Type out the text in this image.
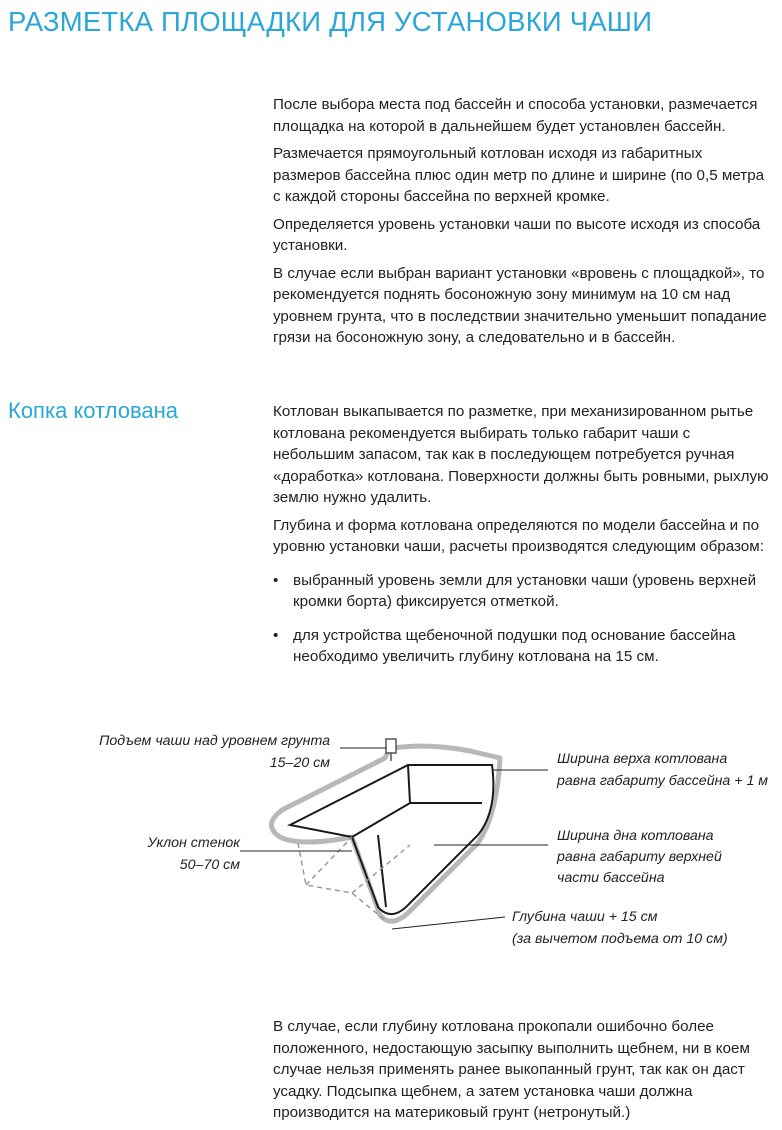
РАЗМЕТКА ПЛОЩАДКИ ДЛЯ УСТАНОВКИ ЧАШИ

После выбора места под бассейн и способа установки, размечается площадка на которой в дальнейшем будет установлен бассейн.

Размечается прямоугольный котлован исходя из габаритных размеров бассейна плюс один метр по длине и ширине (по 0,5 метра с каждой стороны бассейна по верхней кромке.

Определяется уровень установки чаши по высоте исходя из способа установки.

В случае если выбран вариант установки «вровень с площадкой», то рекомендуется поднять босоножную зону минимум на 10 см над уровнем грунта, что в последствии значительно уменьшит попадание грязи на босоножную зону, а следовательно и в бассейн.

Копка котлована	Котлован выкапывается по разметке, при механизированном рытье котлована рекомендуется выбирать только габарит чаши с небольшим запасом, так как в последующем потребуется ручная «доработка» котлована. Поверхности должны быть ровными, рыхлую землю нужно удалить.

Глубина и форма котлована определяются по модели бассейна и по уровню установки чаши, расчеты производятся следующим образом:

• выбранный уровень земли для установки чаши (уровень верхней кромки борта) фиксируется отметкой.
• для устройства щебеночной подушки под основание бассейна необходимо увеличить глубину котлована на 15 см.
Подъем чаши над уровнем грунта
15–20 см
Уклон стенок
50–70 см
Ширина верха котлована
равна габариту бассейна + 1 м
Ширина дна котлована
равна габариту верхней
части бассейна
Глубина чаши + 15 см
(за вычетом подъема от 10 см)

В случае, если глубину котлована прокопали ошибочно более положенного, недостающую засыпку выполнить щебнем, ни в коем случае нельзя применять ранее выкопанный грунт, так как он даст усадку. Подсыпка щебнем, а затем установка чаши должна производится на материковый грунт (нетронутый.)
